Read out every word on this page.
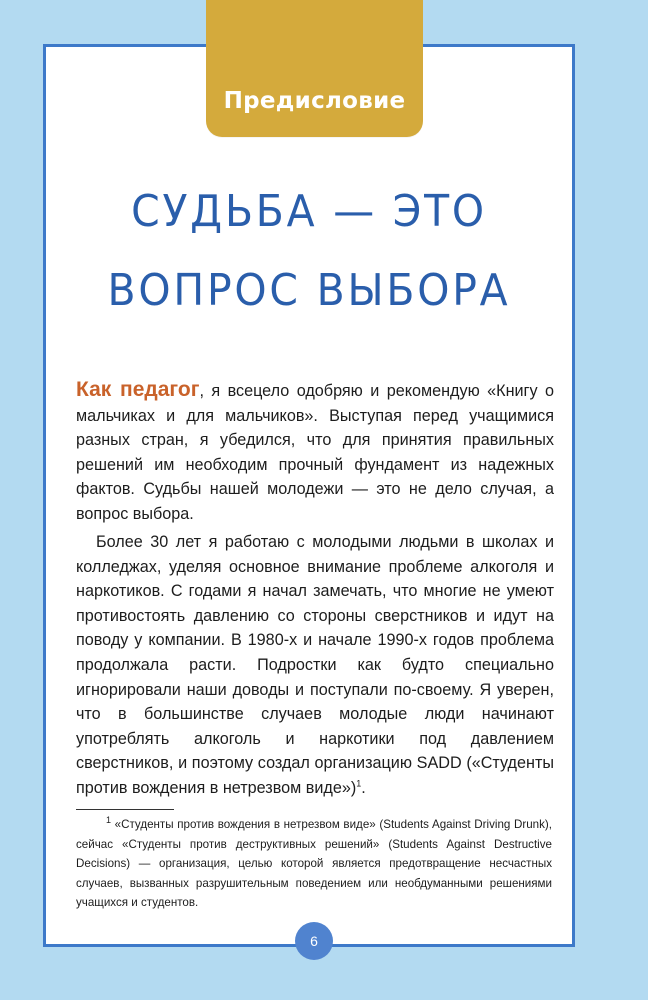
Предисловие
СУДЬБА — ЭТО
ВОПРОС ВЫБОРА
Как педагог, я всецело одобряю и рекомендую «Книгу о мальчиках и для мальчиков». Выступая перед учащимися разных стран, я убедился, что для принятия правильных решений им необходим прочный фундамент из надежных фактов. Судьбы нашей молодежи — это не дело случая, а вопрос выбора.
Более 30 лет я работаю с молодыми людьми в школах и колледжах, уделяя основное внимание проблеме алкоголя и наркотиков. С годами я начал замечать, что многие не умеют противостоять давлению со стороны сверстников и идут на поводу у компании. В 1980-х и начале 1990-х годов проблема продолжала расти. Подростки как будто специально игнорировали наши доводы и поступали по-своему. Я уверен, что в большинстве случаев молодые люди начинают употреблять алкоголь и наркотики под давлением сверстников, и поэтому создал организацию SADD («Студенты против вождения в нетрезвом виде»)$^1$.
$^1$ «Студенты против вождения в нетрезвом виде» (Students Against Driving Drunk), сейчас «Студенты против деструктивных решений» (Students Against Destructive Decisions) — организация, целью которой является предотвращение несчастных случаев, вызванных разрушительным поведением или необдуманными решениями учащихся и студентов.
6
